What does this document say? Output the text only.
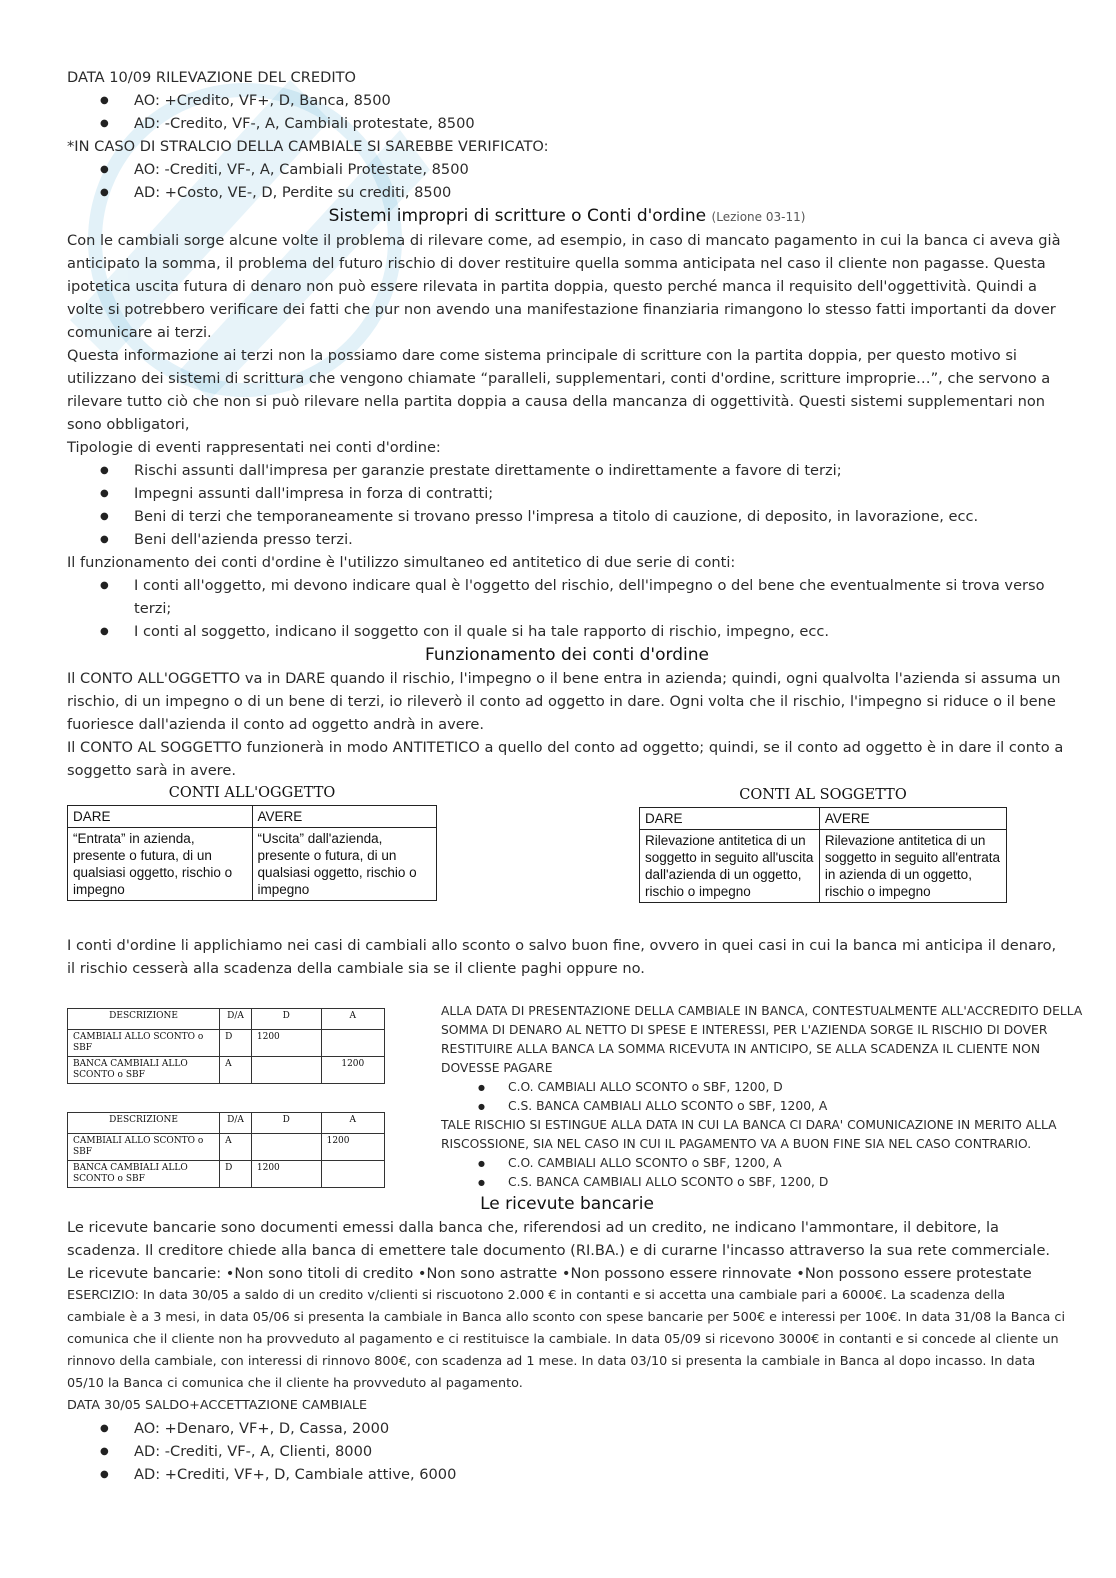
DATA 10/09 RILEVAZIONE DEL CREDITO

● AO: +Credito, VF+, D, Banca, 8500
● AD: -Credito, VF-, A, Cambiali protestate, 8500

*IN CASO DI STRALCIO DELLA CAMBIALE SI SAREBBE VERIFICATO:

● AO: -Crediti, VF-, A, Cambiali Protestate, 8500
● AD: +Costo, VE-, D, Perdite su crediti, 8500
Sistemi impropri di scritture o Conti d'ordine (Lezione 03-11)

Con le cambiali sorge alcune volte il problema di rilevare come, ad esempio, in caso di mancato pagamento in cui la banca ci aveva già anticipato la somma, il problema del futuro rischio di dover restituire quella somma anticipata nel caso il cliente non pagasse. Questa ipotetica uscita futura di denaro non può essere rilevata in partita doppia, questo perché manca il requisito dell'oggettività. Quindi a volte si potrebbero verificare dei fatti che pur non avendo una manifestazione finanziaria rimangono lo stesso fatti importanti da dover comunicare ai terzi.

Questa informazione ai terzi non la possiamo dare come sistema principale di scritture con la partita doppia, per questo motivo si utilizzano dei sistemi di scrittura che vengono chiamate “paralleli, supplementari, conti d'ordine, scritture improprie…”, che servono a rilevare tutto ciò che non si può rilevare nella partita doppia a causa della mancanza di oggettività. Questi sistemi supplementari non sono obbligatori,

Tipologie di eventi rappresentati nei conti d'ordine:

● Rischi assunti dall'impresa per garanzie prestate direttamente o indirettamente a favore di terzi;
● Impegni assunti dall'impresa in forza di contratti;
● Beni di terzi che temporaneamente si trovano presso l'impresa a titolo di cauzione, di deposito, in lavorazione, ecc.
● Beni dell'azienda presso terzi.

Il funzionamento dei conti d'ordine è l'utilizzo simultaneo ed antitetico di due serie di conti:

● I conti all'oggetto, mi devono indicare qual è l'oggetto del rischio, dell'impegno o del bene che eventualmente si trova verso terzi;
● I conti al soggetto, indicano il soggetto con il quale si ha tale rapporto di rischio, impegno, ecc.
Funzionamento dei conti d'ordine

Il CONTO ALL'OGGETTO va in DARE quando il rischio, l'impegno o il bene entra in azienda; quindi, ogni qualvolta l'azienda si assuma un rischio, di un impegno o di un bene di terzi, io rileverò il conto ad oggetto in dare. Ogni volta che il rischio, l'impegno si riduce o il bene fuoriesce dall'azienda il conto ad oggetto andrà in avere.

Il CONTO AL SOGGETTO funzionerà in modo ANTITETICO a quello del conto ad oggetto; quindi, se il conto ad oggetto è in dare il conto a soggetto sarà in avere.

CONTI ALL'OGGETTO
DARE	AVERE
“Entrata” in azienda, presente o futura, di un qualsiasi oggetto, rischio o impegno	“Uscita” dall'azienda, presente o futura, di un qualsiasi oggetto, rischio o impegno
CONTI AL SOGGETTO
DARE	AVERE
Rilevazione antitetica di un soggetto in seguito all'uscita dall'azienda di un oggetto, rischio o impegno	Rilevazione antitetica di un soggetto in seguito all'entrata in azienda di un oggetto, rischio o impegno

I conti d'ordine li applichiamo nei casi di cambiali allo sconto o salvo buon fine, ovvero in quei casi in cui la banca mi anticipa il denaro, il rischio cesserà alla scadenza della cambiale sia se il cliente paghi oppure no.

DESCRIZIONE	D/A	D	A
CAMBIALI ALLO SCONTO o SBF	D	1200	
BANCA CAMBIALI ALLO SCONTO o SBF	A		1200
DESCRIZIONE	D/A	D	A
CAMBIALI ALLO SCONTO o SBF	A		1200
BANCA CAMBIALI ALLO SCONTO o SBF	D	1200	

ALLA DATA DI PRESENTAZIONE DELLA CAMBIALE IN BANCA, CONTESTUALMENTE ALL'ACCREDITO DELLA SOMMA DI DENARO AL NETTO DI SPESE E INTERESSI, PER L'AZIENDA SORGE IL RISCHIO DI DOVER RESTITUIRE ALLA BANCA LA SOMMA RICEVUTA IN ANTICIPO, SE ALLA SCADENZA IL CLIENTE NON DOVESSE PAGARE

● C.O. CAMBIALI ALLO SCONTO o SBF, 1200, D
● C.S. BANCA CAMBIALI ALLO SCONTO o SBF, 1200, A

TALE RISCHIO SI ESTINGUE ALLA DATA IN CUI LA BANCA CI DARA' COMUNICAZIONE IN MERITO ALLA RISCOSSIONE, SIA NEL CASO IN CUI IL PAGAMENTO VA A BUON FINE SIA NEL CASO CONTRARIO.

● C.O. CAMBIALI ALLO SCONTO o SBF, 1200, A
● C.S. BANCA CAMBIALI ALLO SCONTO o SBF, 1200, D
Le ricevute bancarie

Le ricevute bancarie sono documenti emessi dalla banca che, riferendosi ad un credito, ne indicano l'ammontare, il debitore, la scadenza. Il creditore chiede alla banca di emettere tale documento (RI.BA.) e di curarne l'incasso attraverso la sua rete commerciale.

Le ricevute bancarie: •Non sono titoli di credito •Non sono astratte •Non possono essere rinnovate •Non possono essere protestate

ESERCIZIO: In data 30/05 a saldo di un credito v/clienti si riscuotono 2.000 € in contanti e si accetta una cambiale pari a 6000€. La scadenza della cambiale è a 3 mesi, in data 05/06 si presenta la cambiale in Banca allo sconto con spese bancarie per 500€ e interessi per 100€. In data 31/08 la Banca ci comunica che il cliente non ha provveduto al pagamento e ci restituisce la cambiale. In data 05/09 si ricevono 3000€ in contanti e si concede al cliente un rinnovo della cambiale, con interessi di rinnovo 800€, con scadenza ad 1 mese. In data 03/10 si presenta la cambiale in Banca al dopo incasso. In data 05/10 la Banca ci comunica che il cliente ha provveduto al pagamento.

DATA 30/05 SALDO+ACCETTAZIONE CAMBIALE

● AO: +Denaro, VF+, D, Cassa, 2000
● AD: -Crediti, VF-, A, Clienti, 8000
● AD: +Crediti, VF+, D, Cambiale attive, 6000
